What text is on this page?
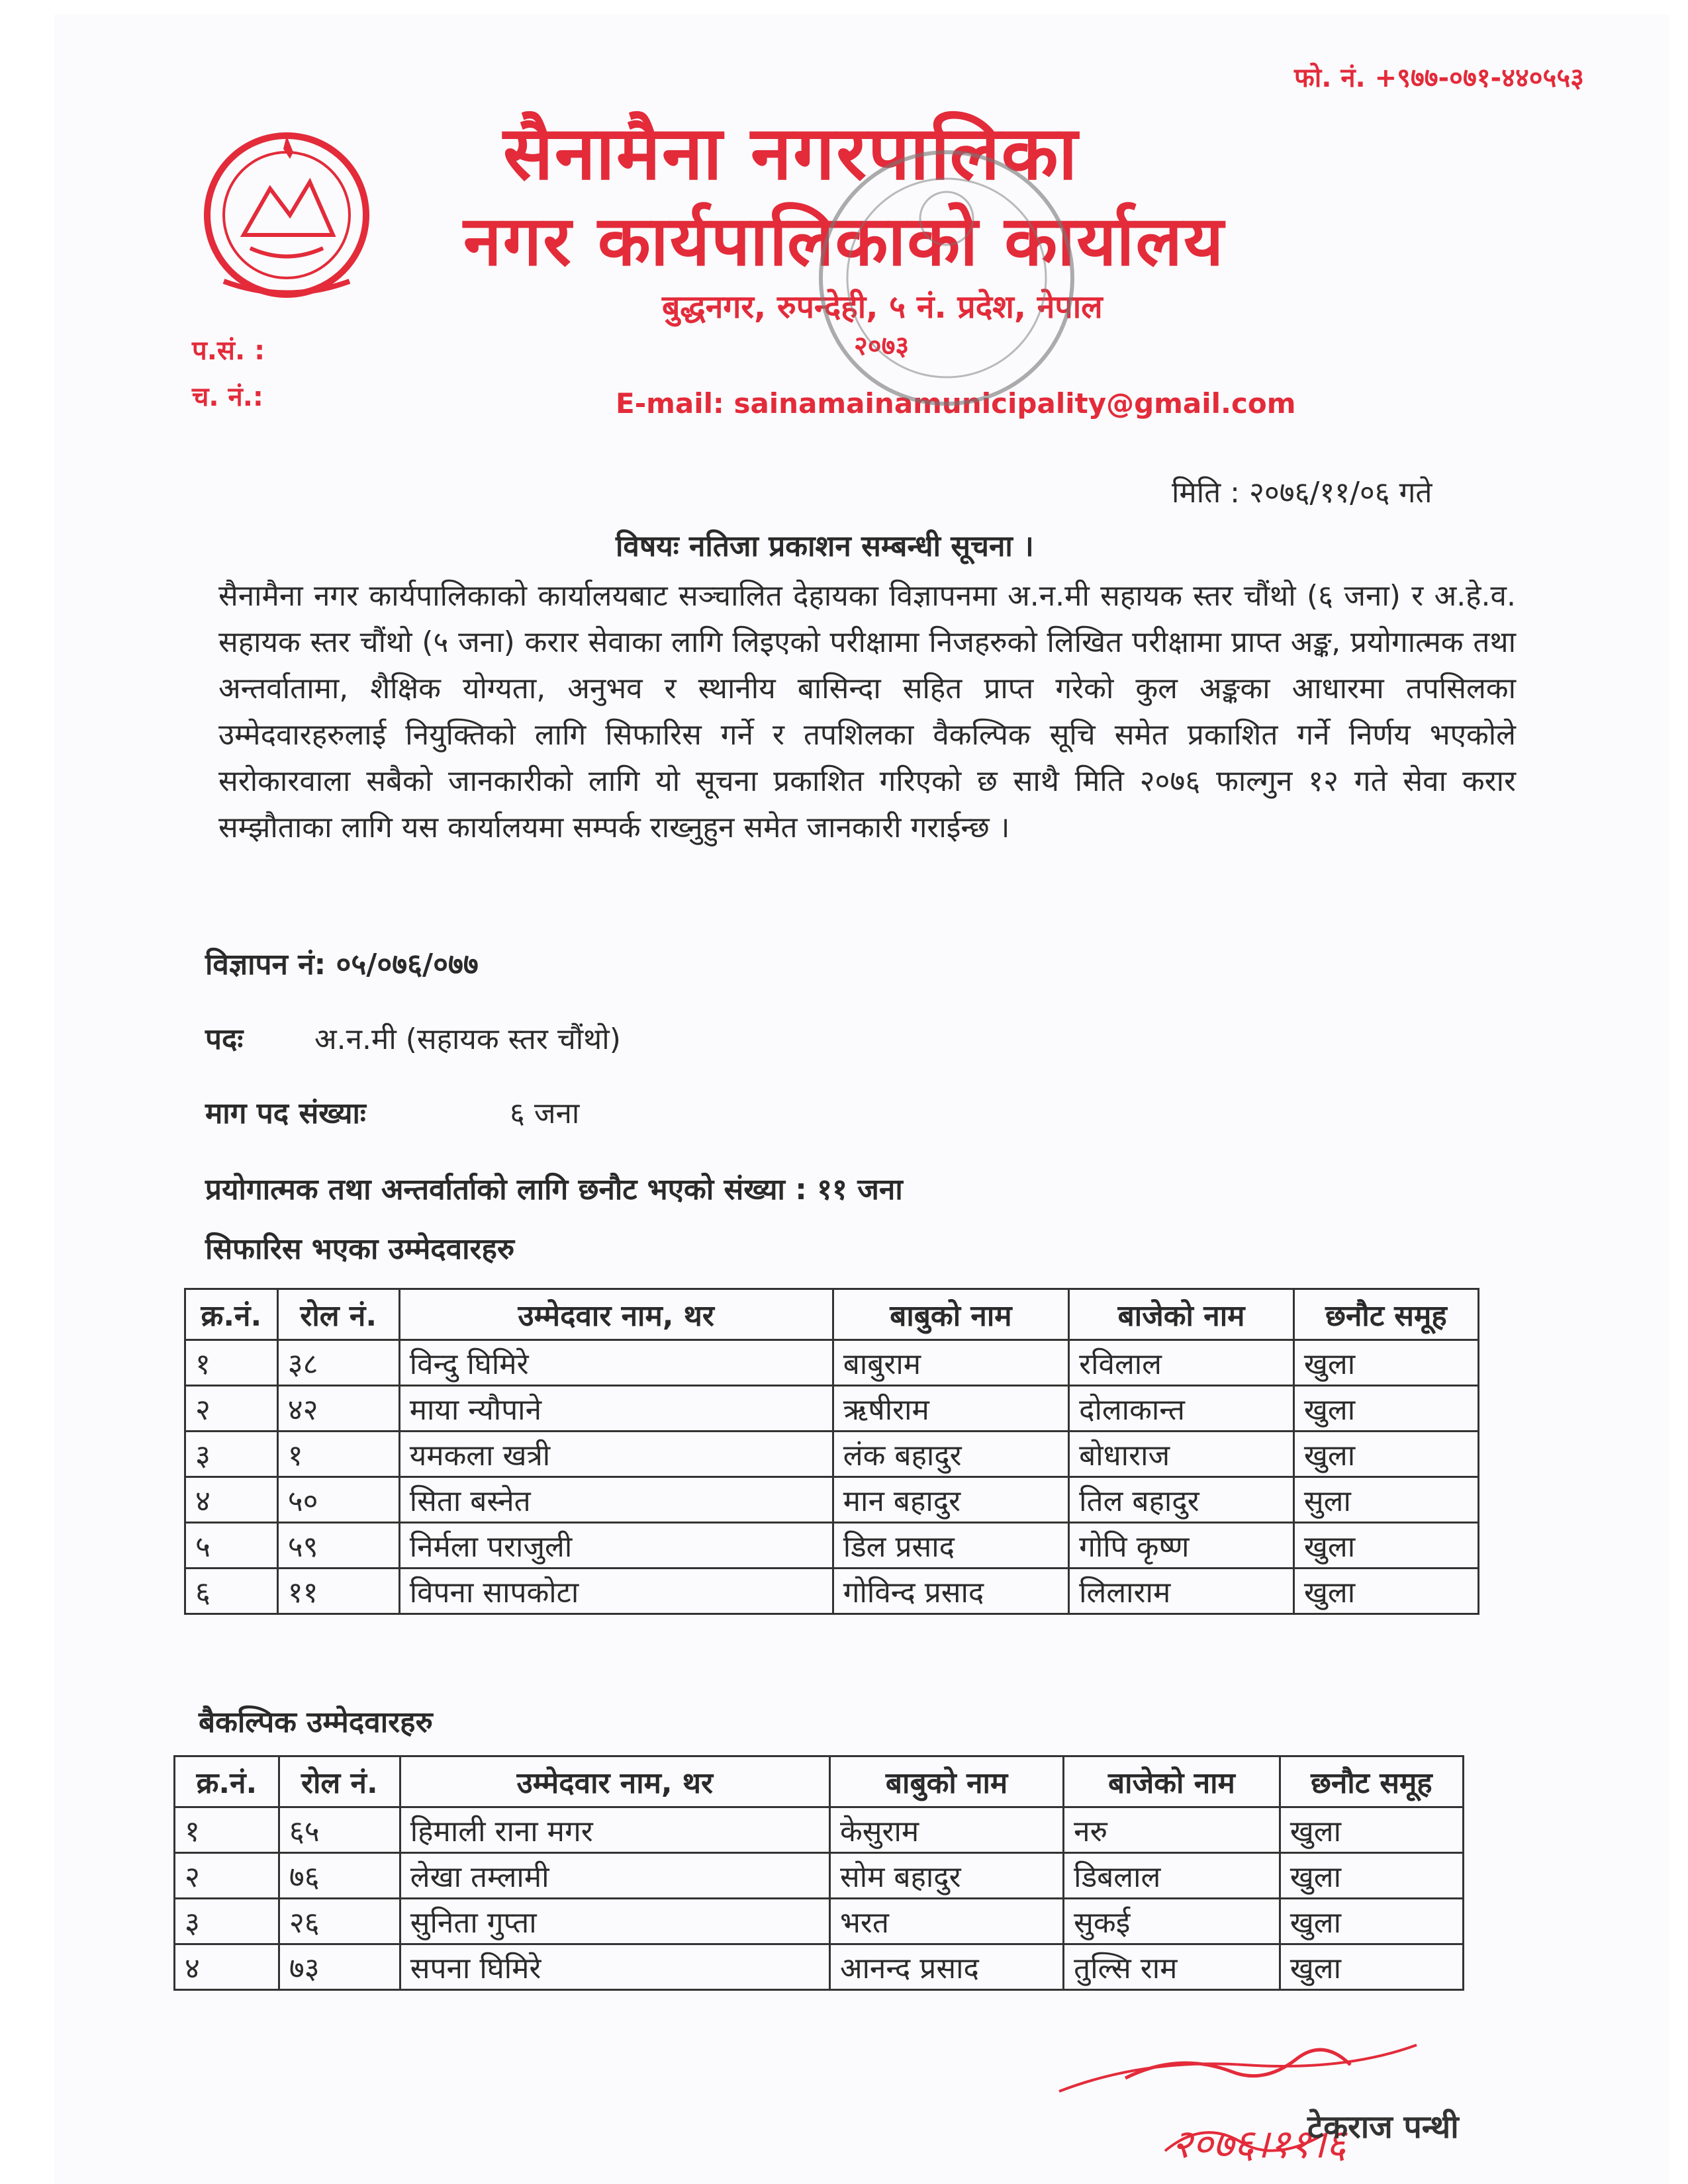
फो. नं. +९७७-०७१-४४०५५३
सैनामैना नगरपालिका
नगर कार्यपालिकाको कार्यालय
बुद्धनगर, रुपन्देही, ५ नं. प्रदेश, नेपाल
२०७३
E-mail: sainamainamunicipality@gmail.com
प.सं. :
च. नं.:
मिति : २०७६/११/०६ गते
विषयः नतिजा प्रकाशन सम्बन्धी सूचना ।
सैनामैना नगर कार्यपालिकाको कार्यालयबाट सञ्चालित देहायका विज्ञापनमा अ.न.मी सहायक स्तर चौंथो (६ जना) र अ.हे.व. सहायक स्तर चौंथो (५ जना) करार सेवाका लागि लिइएको परीक्षामा निजहरुको लिखित परीक्षामा प्राप्त अङ्क, प्रयोगात्मक तथा अन्तर्वातामा, शैक्षिक योग्यता, अनुभव र स्थानीय बासिन्दा सहित प्राप्त गरेको कुल अङ्कका आधारमा तपसिलका उम्मेदवारहरुलाई नियुक्तिको लागि सिफारिस गर्ने र तपशिलका वैकल्पिक सूचि समेत प्रकाशित गर्ने निर्णय भएकोले सरोकारवाला सबैको जानकारीको लागि यो सूचना प्रकाशित गरिएको छ साथै मिति २०७६ फाल्गुन १२ गते सेवा करार सम्झौताका लागि यस कार्यालयमा सम्पर्क राख्नुहुन समेत जानकारी गराईन्छ ।
विज्ञापन नं: ०५/०७६/०७७
पदः अ.न.मी (सहायक स्तर चौंथो)
माग पद संख्याः	६ जना
प्रयोगात्मक तथा अन्तर्वार्ताको लागि छनौट भएको संख्या : ११ जना
सिफारिस भएका उम्मेदवारहरु
क्र.नं.	रोल नं.	उम्मेदवार नाम, थर	बाबुको नाम	बाजेको नाम	छनौट समूह
१	३८	विन्दु घिमिरे	बाबुराम	रविलाल	खुला
२	४२	माया न्यौपाने	ऋषीराम	दोलाकान्त	खुला
३	१	यमकला खत्री	लंक बहादुर	बोधाराज	खुला
४	५०	सिता बस्नेत	मान बहादुर	तिल बहादुर	सुला
५	५९	निर्मला पराजुली	डिल प्रसाद	गोपि कृष्ण	खुला
६	११	विपना सापकोटा	गोविन्द प्रसाद	लिलाराम	खुला
बैकल्पिक उम्मेदवारहरु
क्र.नं.	रोल नं.	उम्मेदवार नाम, थर	बाबुको नाम	बाजेको नाम	छनौट समूह
१	६५	हिमाली राना मगर	केसुराम	नरु	खुला
२	७६	लेखा तम्लामी	सोम बहादुर	डिबलाल	खुला
३	२६	सुनिता गुप्ता	भरत	सुकई	खुला
४	७३	सपना घिमिरे	आनन्द प्रसाद	तुल्सि राम	खुला
२०७६।११।६
टेकराज पन्थी
